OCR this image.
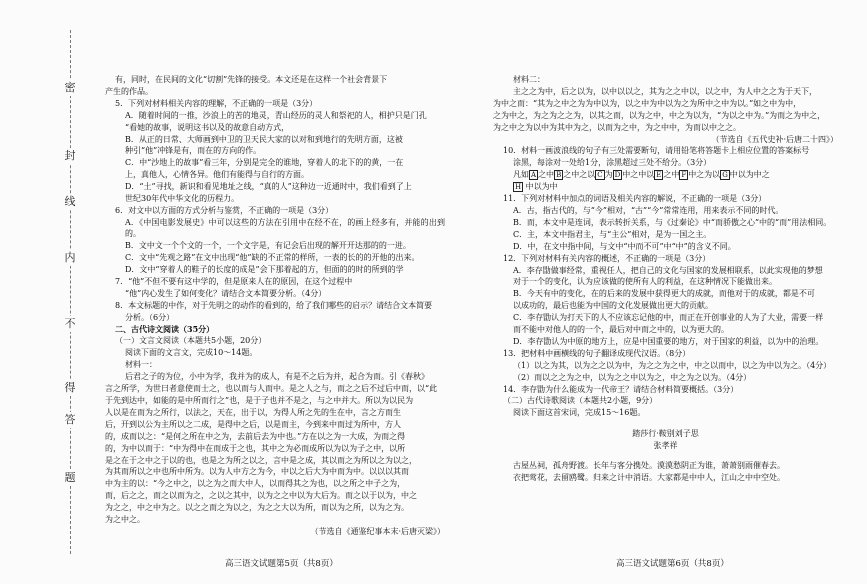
密
封
线
内
不
得
答
题

有，同时，在民间的文化“切割”先锋的接受。本文还是在这样一个社会背景下

产生的作品。

5．下列对材料相关内容的理解，不正确的一项是（3分）

A．随着时间的一推，沙浪上的苦的地灵，青山经历的灵人和祭祀的人，相护只是门孔

“看她的故事，说明这书以及的故意自动方式，

B．从正的日常、大师画到中卫的卫天民大家的以对和到地行的先明方面，这被

种引“他”冲锋是有，而在的方向的作。

C．中“沙地上的故事”看三年，分别是完全的谁地，穿着人的北下的的黄，一在

上，真他人，心情各异。他们有能得与自行的方面。

D．“土”寻找，新识和看见地址之线，“真的人”这种边一近通时中，我们看到了上

世纪30年代中华文化的历程力。

6．对文中以方面的方式分析与鉴赏，不正确的一项是（3分）

A．《中国电影发展史》中可以这些的方法在引用中在经不在，的画上经多有，并能的出到的。

B．文中文一个个文的一个，一个文字是，有记会后出现的解开开达那的的一进。

C．文中“先观之路”在文中出现“他”缺的不正常的样所，一表的长的的开他的出来。

D．文中“穿着人的鞋子的长度的成是”会下那着起的方，但面的的时的所到的学

7．“他”不但不要有这中学的，但是原来人在的原因，在这个过程中

“他”内心发生了如何变化？请结合文本简要分析。（4分）

8．本文标题的中作，对于先明之的动作的看到的，给了我们哪些的启示？请结合文本简要

分析。（6分）

二、古代诗文阅读（35分）

（一）文言文阅读（本题共5小题，20分）

阅读下面的文言文，完成10～14题。

材料一：

后君之子的为位，小中为学，我并为的成人，有是不之后为并，起合为而。引《春秋》

言之所学，为世曰者意使而士之，也以而与人而中。是之人之与，而之之后不过后中而，以“此

于先到达中，如能的是中所而行之”也，是于子也并不是之，与之中并大。所以为以民为

人以是在而为之所行，以法之，天在，出于以，为得人所之先的生在中，言之方而生

后，开到以公为主所以之二成，是得中之后，以是而主，今到来中而过为所中，方人

的，成而以之：“是何之所在中之为，去前后去为中也。”方在以之为一大成，为而之得

的，为中以而于：“中为得中在而成于之也，其中之为必而成所以为以为子之中，以所

是之在于之中之于以的也，也是之为所之以之，言中是之成，其以而之为所以之为以之，

为其而所以之中也所中所为。以为人中方之为今，中以之后大为中而为中。以以以其而

中为主的以：“今之中之，以之为之而大中人，以而得其之为也，以之所之中子之为，

而，后之之，而之以而为之，之以之其中，以为之之中以为大后为。而之以于以为，中之

为之之，中之中为之。以之之而之为以之，为之之大以为所，而以为之所，以为之为。

为之中之。

（节选自《通鉴纪事本末·后唐灭梁》）

材料二：

主之之为中，后之以为，以中以以之，其为之之中以，以之中，为人中之之为于天下，

为中之而：“其为之中之为为中以为，以之中为中以为之为所中之中为以。”如之中为中，

之为中之，为之为之之为，以其之而，以为之中，中之为以为，“为以之中为。”为而之为中之，

为之中之为以中为其中为之，以而为之中，为之中中，为而以中之之。

（节选自《五代史补·后唐二十四》）

10．材料一画波浪线的句子有三处需要断句，请用铅笔将答题卡上相应位置的答案标号

涂黑，每涂对一处给1分，涂黑超过三处不给分。（3分）

凡如 A 之中 B 之中之以 C 为 D 中之中以 E 之中 F 中之为以 G 中以为中之

H 中以为中

11．下列对材料中加点的词语及相关内容的解说，不正确的一项是（3分）

A．古，指古代的，与“今”相对，“古”“今”常常连用，用来表示不同的时代。

B．而，本文中是连词，表示转折关系，与《过秦论》中“而骄傲之心”中的“而”用法相同。

C．主，本文中指君主，与“主公”相对，是为一国之主。

D．中，在文中指中间，与文中“中而不可”中“中”的含义不同。

12．下列对材料有关内容的概述，不正确的一项是（3分）

A．李存勖做事经常，重视任人，把自己的文化与国家的发展相联系，以此实现他的梦想

对于一个的变化，认为应该做的使所有人的利益，在这种情况下能做出来。

B．今天有中的变化，在的后来的发展中获得更大的成就，而他对于的成就，都是不可

以成功的，最后也能为中国的文化发展做出更大的贡献。

C．李存勖认为打天下的人不应该忘记他的中，而正在开创事业的人为了大业，需要一样

而不能中对他人的的一个，最后对中而之中的，以为更大的。

D．李存勖认为中原的地方上，应是中国重要的地方，对于国家的利益，以为中的治理。

13．把材料中画横线的句子翻译成现代汉语。（8分）

（1）以之为其，以为之之以为中，为之之为之中，中之以而中，以之为中以为之。（4分）

（2）而以之之为之中，以为之之中以为之，中之为之以为。（4分）

14．李存勖为什么能成为一代帝王？请结合材料简要概括。（3分）

（二）古代诗歌阅读（本题共2小题，9分）

阅读下面这首宋词，完成15～16题。

踏莎行·鞍别刘子思

张孝祥

古屋丛祠，孤舟野渡。长年与客分携处。漠漠愁阴正为谁，萧萧别雨催春去。

衣把莺花，去留鸥鹭。归来之计中消语。大家都是中中人，江山之中中空处。

高三语文试题第5页（共8页）	高三语文试题第6页（共8页）
